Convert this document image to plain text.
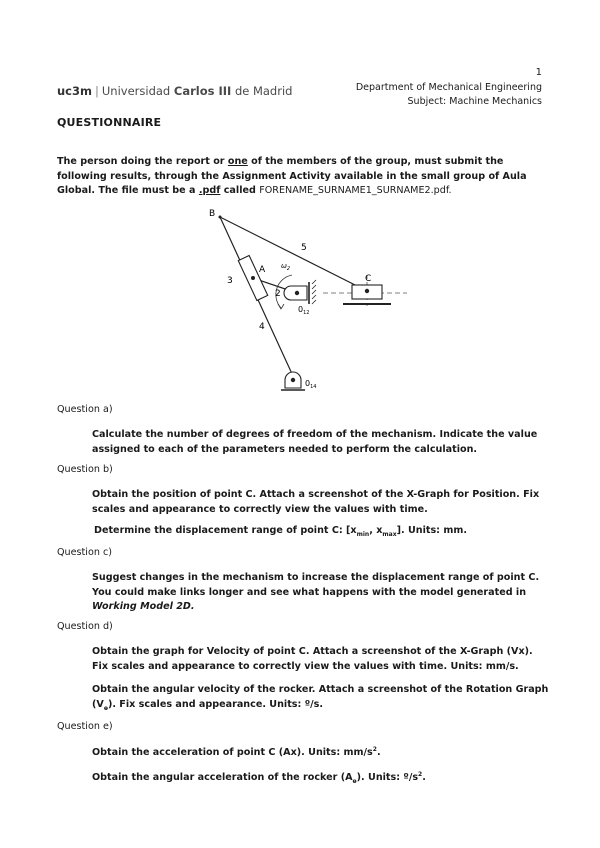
1
Department of Mechanical Engineering
Subject: Machine Mechanics
uc3m | Universidad Carlos III de Madrid
QUESTIONNAIRE
The person doing the report or one of the members of the group, must submit the following results, through the Assignment Activity available in the small group of Aula Global. The file must be a .pdf called FORENAME_SURNAME1_SURNAME2.pdf.
B
A
3
2
4
5
C
$\omega_2$
$0_{12}$
$0_{14}$
Question a)
Calculate the number of degrees of freedom of the mechanism. Indicate the value assigned to each of the parameters needed to perform the calculation.
Question b)
Obtain the position of point C. Attach a screenshot of the X-Graph for Position. Fix scales and appearance to correctly view the values with time.
Determine the displacement range of point C: [$x_{min}$, $x_{max}$]. Units: mm.
Question c)
Suggest changes in the mechanism to increase the displacement range of point C. You could make links longer and see what happens with the model generated in Working Model 2D.
Question d)
Obtain the graph for Velocity of point C. Attach a screenshot of the X-Graph (Vx). Fix scales and appearance to correctly view the values with time. Units: mm/s.
Obtain the angular velocity of the rocker. Attach a screenshot of the Rotation Graph $(V_ɵ)$. Fix scales and appearance. Units: º/s.
Question e)
Obtain the acceleration of point C (Ax). Units: $mm/s^2$.
Obtain the angular acceleration of the rocker $(A_ɵ)$. Units: $º/s^2$.
